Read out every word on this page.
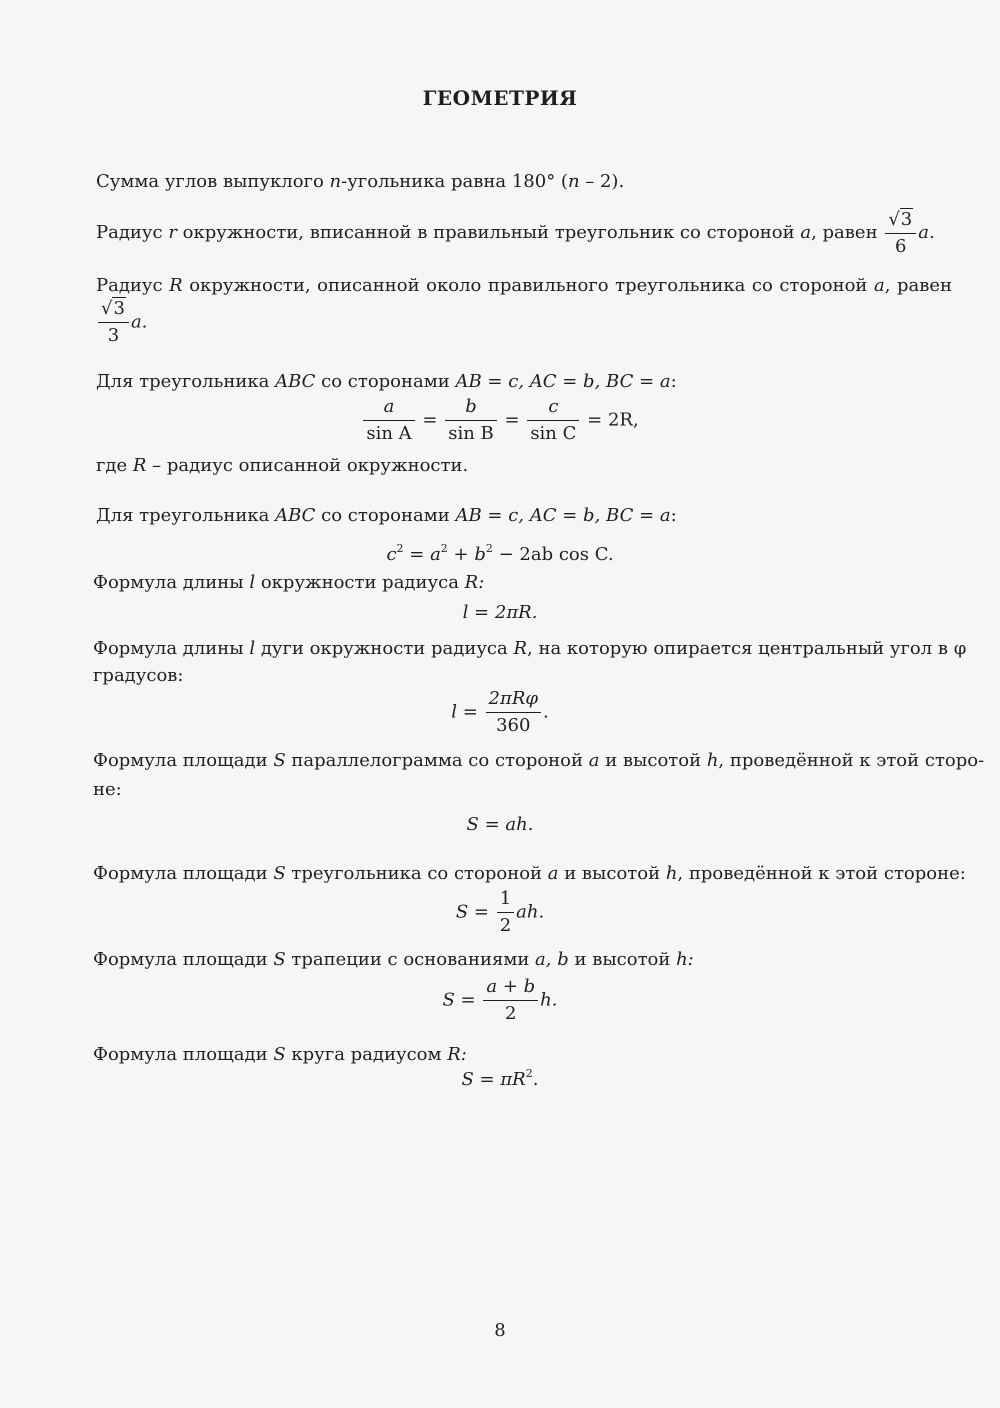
ГЕОМЕТРИЯ
Сумма углов выпуклого n-угольника равна 180° (n – 2).
Радиус r окружности, вписанной в правильный треугольник со стороной a, равен $\frac{√3}{6} a$.
Радиус R окружности, описанной около правильного треугольника со стороной a, равен
$\frac{√3}{3} a$.
Для треугольника ABC со сторонами AB = c, AC = b, BC = a:
$\frac{a}{\text{sin A}} = \frac{b}{\text{sin B}} = \frac{c}{\text{sin C}} = 2R$,
где R – радиус описанной окружности.
Для треугольника ABC со сторонами AB = c, AC = b, BC = a:
$c^2 = a^2 + b^2 - 2ab$ cos C.
Формула длины l окружности радиуса R:
l = 2πR.
Формула длины l дуги окружности радиуса R, на которую опирается центральный угол в φ
градусов:
$l = \frac{\text{2πRφ}}{360}$ .
Формула площади S параллелограмма со стороной a и высотой h, проведённой к этой сторо-
не:
S = ah.
Формула площади S треугольника со стороной a и высотой h, проведённой к этой стороне:
$S = \frac{1}{2}$ ah.
Формула площади S трапеции с основаниями a, b и высотой h:
$S = \frac{a + b}{2} h$.
Формула площади S круга радиусом R:
$S = \pi R^2$.
8
